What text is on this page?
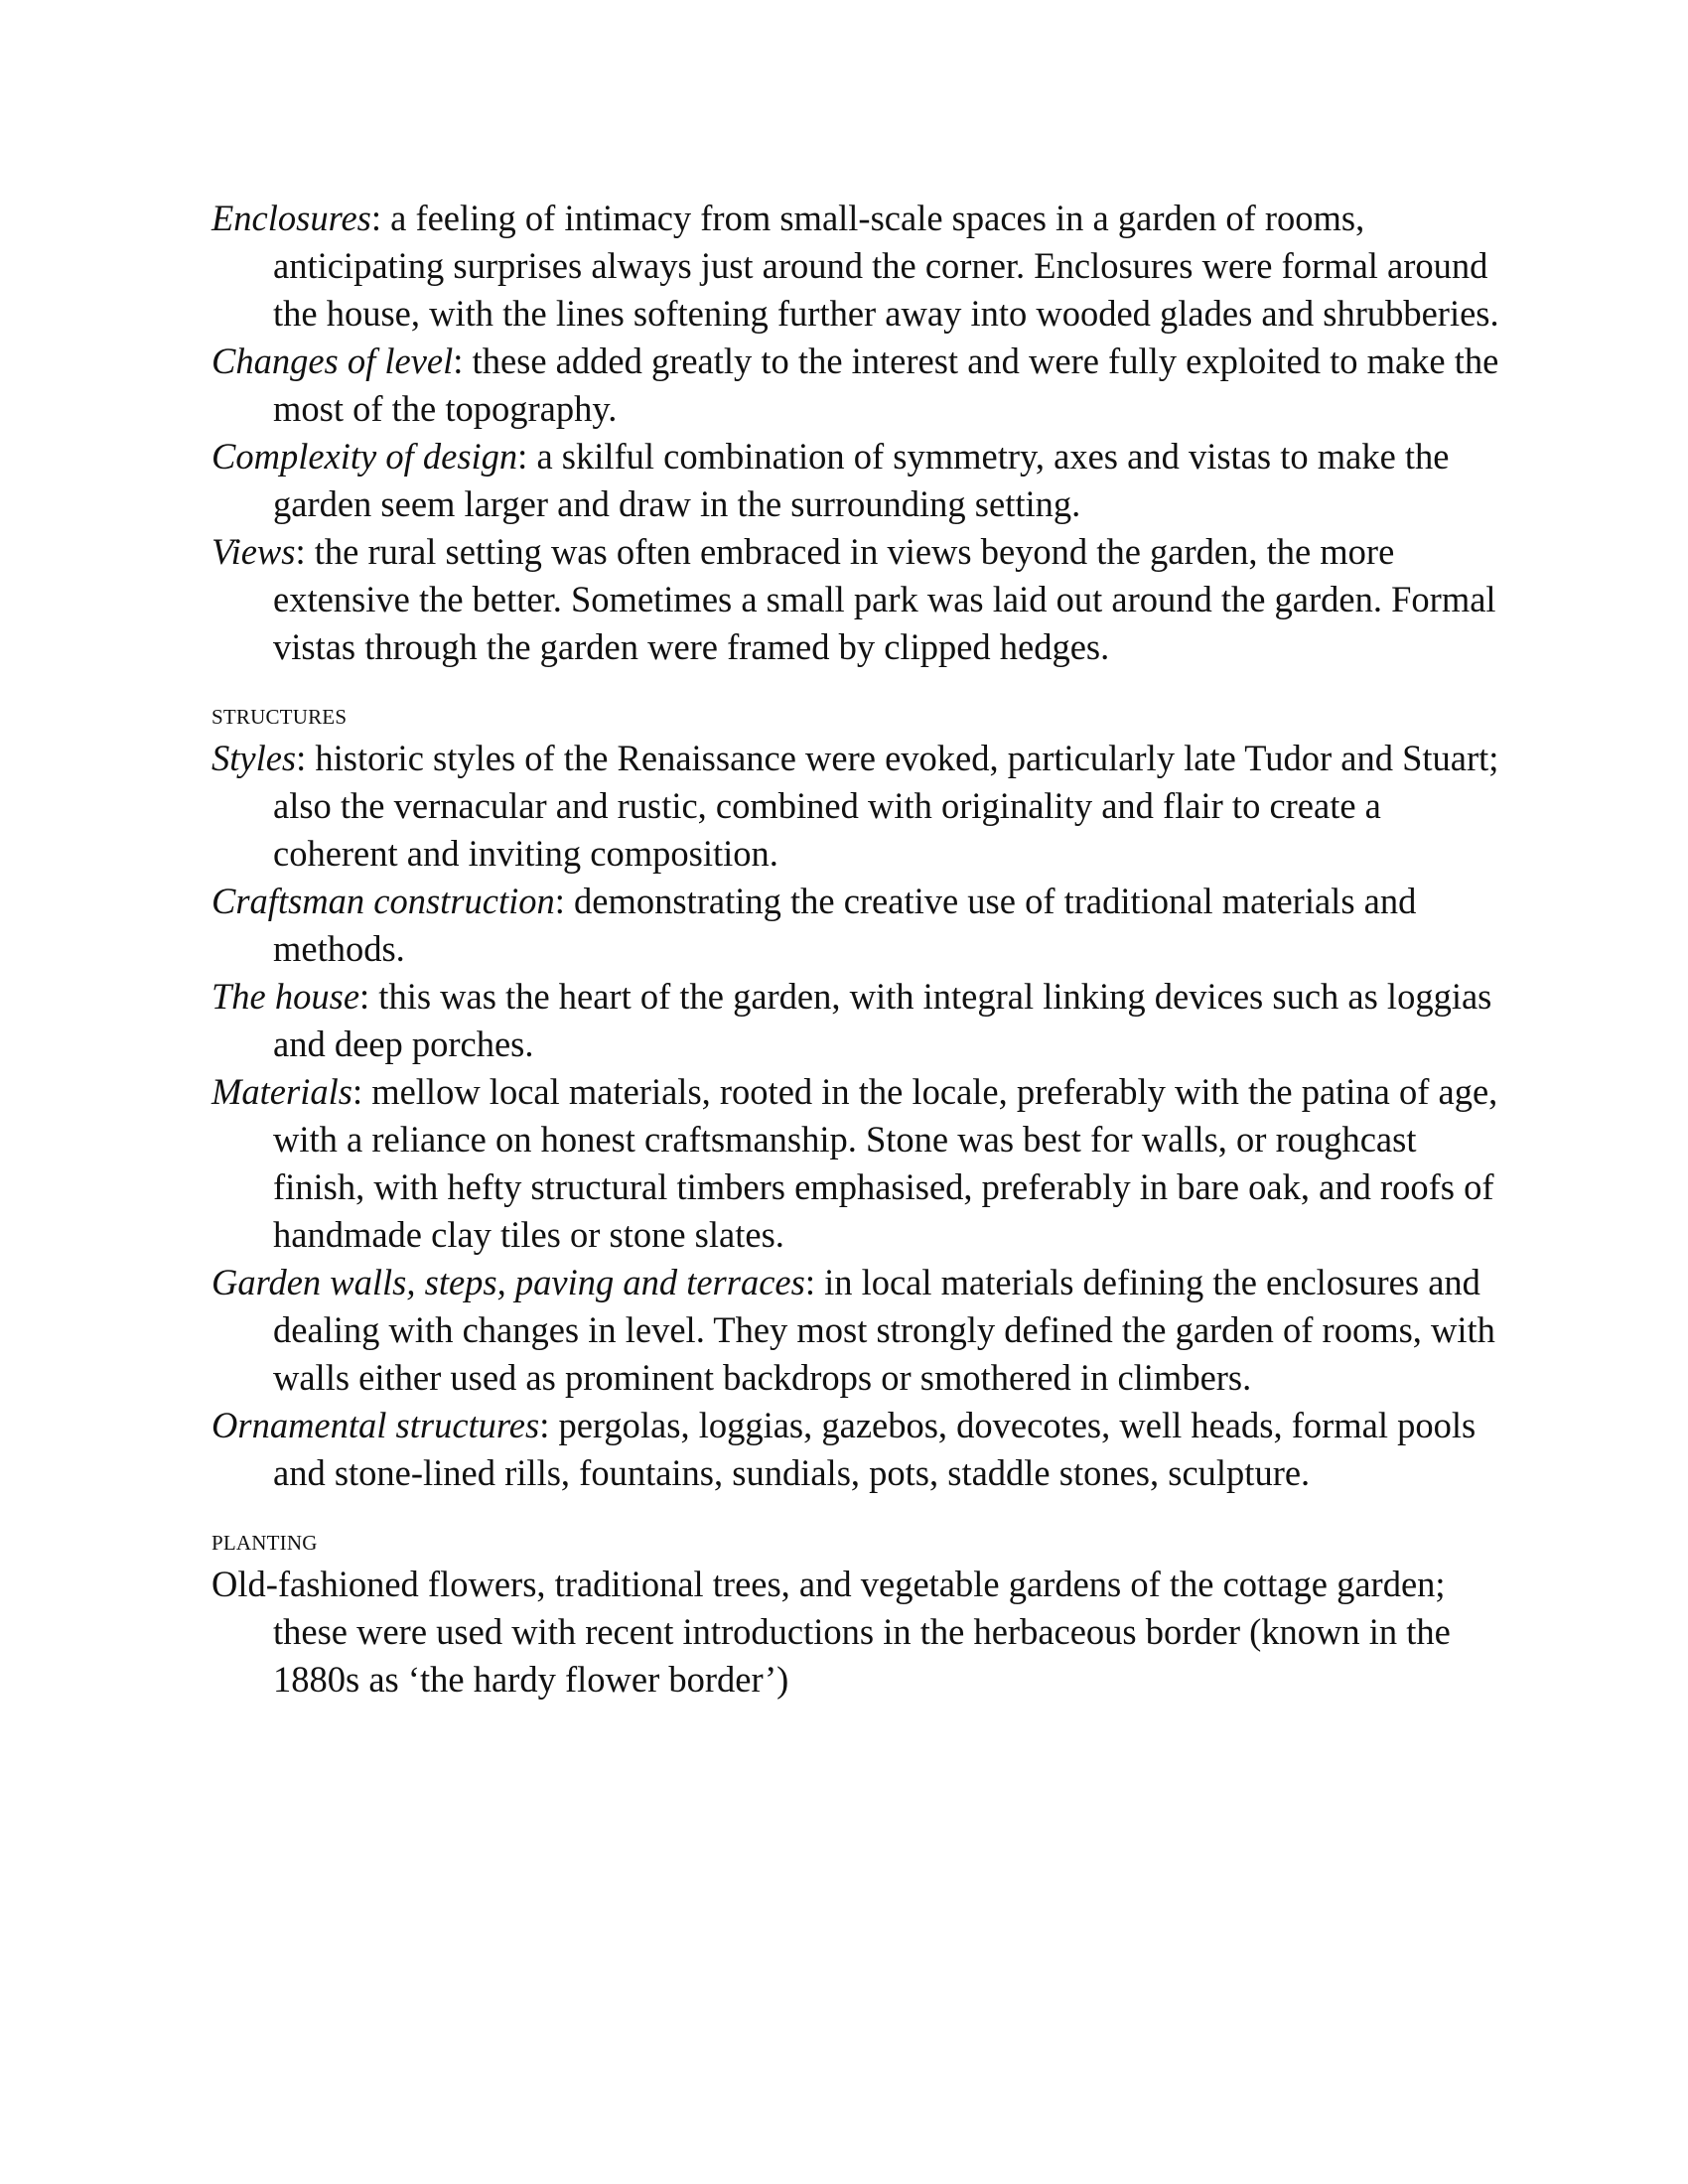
Enclosures: a feeling of intimacy from small-scale spaces in a garden of rooms, anticipating surprises always just around the corner. Enclosures were formal around the house, with the lines softening further away into wooded glades and shrubberies.

Changes of level: these added greatly to the interest and were fully exploited to make the most of the topography.

Complexity of design: a skilful combination of symmetry, axes and vistas to make the garden seem larger and draw in the surrounding setting.

Views: the rural setting was often embraced in views beyond the garden, the more extensive the better. Sometimes a small park was laid out around the garden. Formal vistas through the garden were framed by clipped hedges.

STRUCTURES

Styles: historic styles of the Renaissance were evoked, particularly late Tudor and Stuart; also the vernacular and rustic, combined with originality and flair to create a coherent and inviting composition.

Craftsman construction: demonstrating the creative use of traditional materials and methods.

The house: this was the heart of the garden, with integral linking devices such as loggias and deep porches.

Materials: mellow local materials, rooted in the locale, preferably with the patina of age, with a reliance on honest craftsmanship. Stone was best for walls, or roughcast finish, with hefty structural timbers emphasised, preferably in bare oak, and roofs of handmade clay tiles or stone slates.

Garden walls, steps, paving and terraces: in local materials defining the enclosures and dealing with changes in level. They most strongly defined the garden of rooms, with walls either used as prominent backdrops or smothered in climbers.

Ornamental structures: pergolas, loggias, gazebos, dovecotes, well heads, formal pools and stone-lined rills, fountains, sundials, pots, staddle stones, sculpture.

PLANTING

Old-fashioned flowers, traditional trees, and vegetable gardens of the cottage garden; these were used with recent introductions in the herbaceous border (known in the 1880s as ‘the hardy flower border’)
